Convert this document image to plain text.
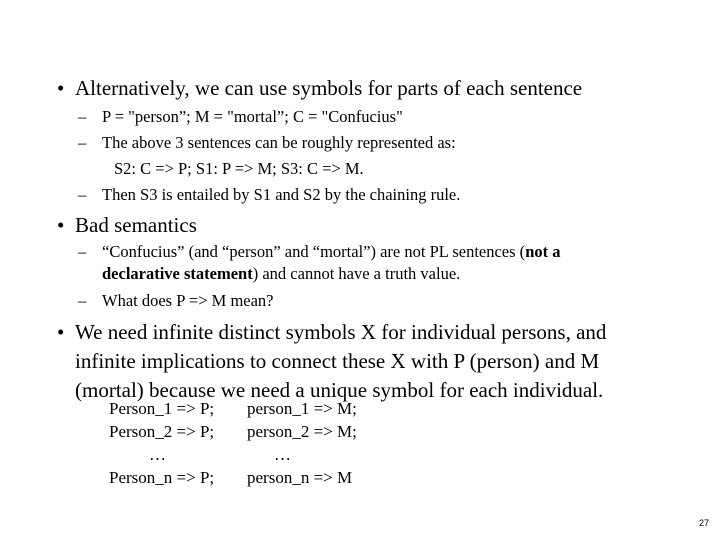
• Alternatively, we can use symbols for parts of each sentence
– P = "person”; M = "mortal”; C = "Confucius"
– The above 3 sentences can be roughly represented as:
S2: C => P; S1: P => M; S3: C => M.
– Then S3 is entailed by S1 and S2 by the chaining rule.
• Bad semantics
– “Confucius” (and “person” and “mortal”) are not PL sentences (not a
declarative statement) and cannot have a truth value.
– What does P => M mean?
• We need infinite distinct symbols X for individual persons, and
infinite implications to connect these X with P (person) and M
(mortal) because we need a unique symbol for each individual.
Person_1 => P;	person_1 => M;
Person_2 => P;	person_2 => M;
…	…
Person_n => P;	person_n => M
27
